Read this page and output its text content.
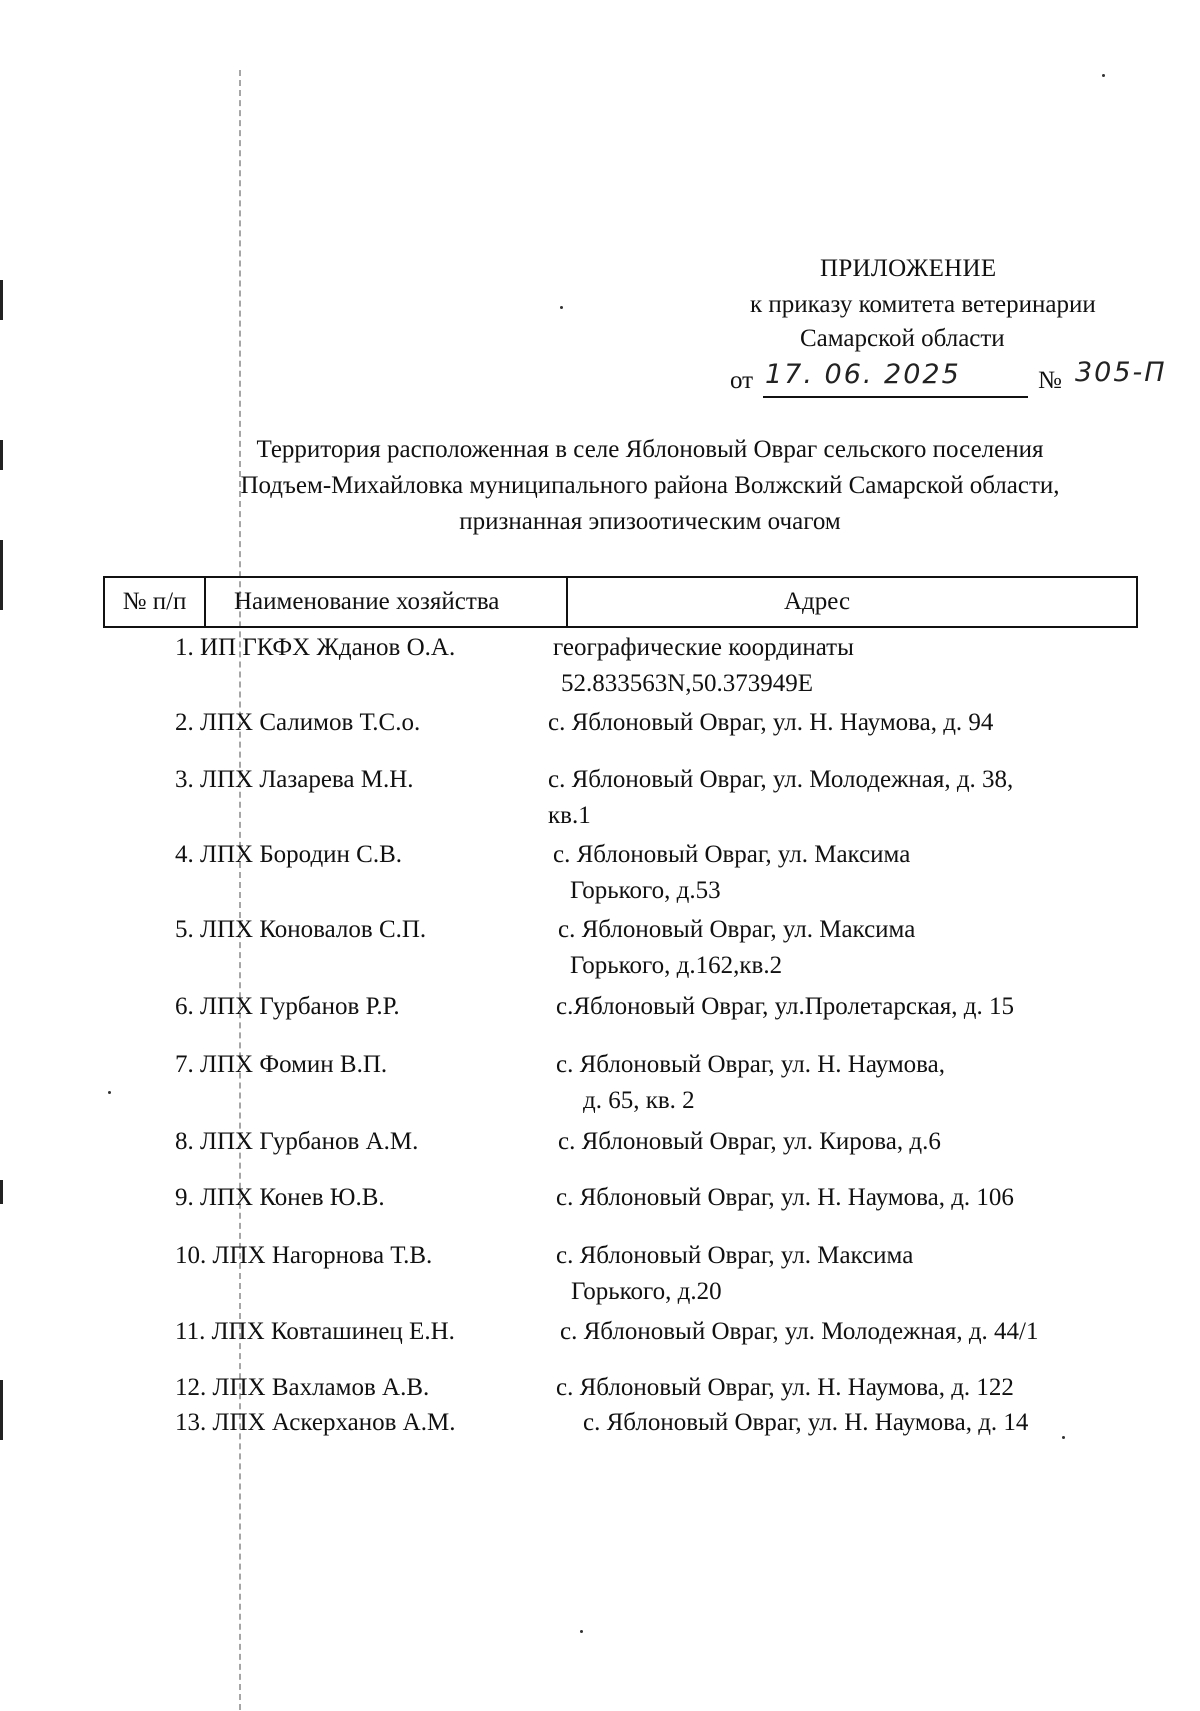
ПРИЛОЖЕНИЕ
к приказу комитета ветеринарии
Самарской области
от 17. 06. 2025	№ 305-П
Территория расположенная в селе Яблоновый Овраг сельского поселения
Подъем-Михайловка муниципального района Волжский Самарской области,
признанная эпизоотическим очагом
№ п/п	Наименование хозяйства	Адрес
1. ИП ГКФХ Жданов О.А.	географические координаты
52.833563N,50.373949E
2. ЛПХ Салимов Т.С.о.	с. Яблоновый Овраг, ул. Н. Наумова, д. 94
3. ЛПХ Лазарева М.Н.	с. Яблоновый Овраг, ул. Молодежная, д. 38,
кв.1
4. ЛПХ Бородин С.В.	с. Яблоновый Овраг, ул. Максима
Горького, д.53
5. ЛПХ Коновалов С.П.	с. Яблоновый Овраг, ул. Максима
Горького, д.162,кв.2
6. ЛПХ Гурбанов Р.Р.	с.Яблоновый Овраг, ул.Пролетарская, д. 15
7. ЛПХ Фомин В.П.	с. Яблоновый Овраг, ул. Н. Наумова,
д. 65, кв. 2
8. ЛПХ Гурбанов А.М.	с. Яблоновый Овраг, ул. Кирова, д.6
9. ЛПХ Конев Ю.В.	с. Яблоновый Овраг, ул. Н. Наумова, д. 106
10. ЛПХ Нагорнова Т.В.	с. Яблоновый Овраг, ул. Максима
Горького, д.20
11. ЛПХ Ковташинец Е.Н.	с. Яблоновый Овраг, ул. Молодежная, д. 44/1
12. ЛПХ Вахламов А.В.	с. Яблоновый Овраг, ул. Н. Наумова, д. 122
13. ЛПХ Аскерханов А.М.	с. Яблоновый Овраг, ул. Н. Наумова, д. 14
